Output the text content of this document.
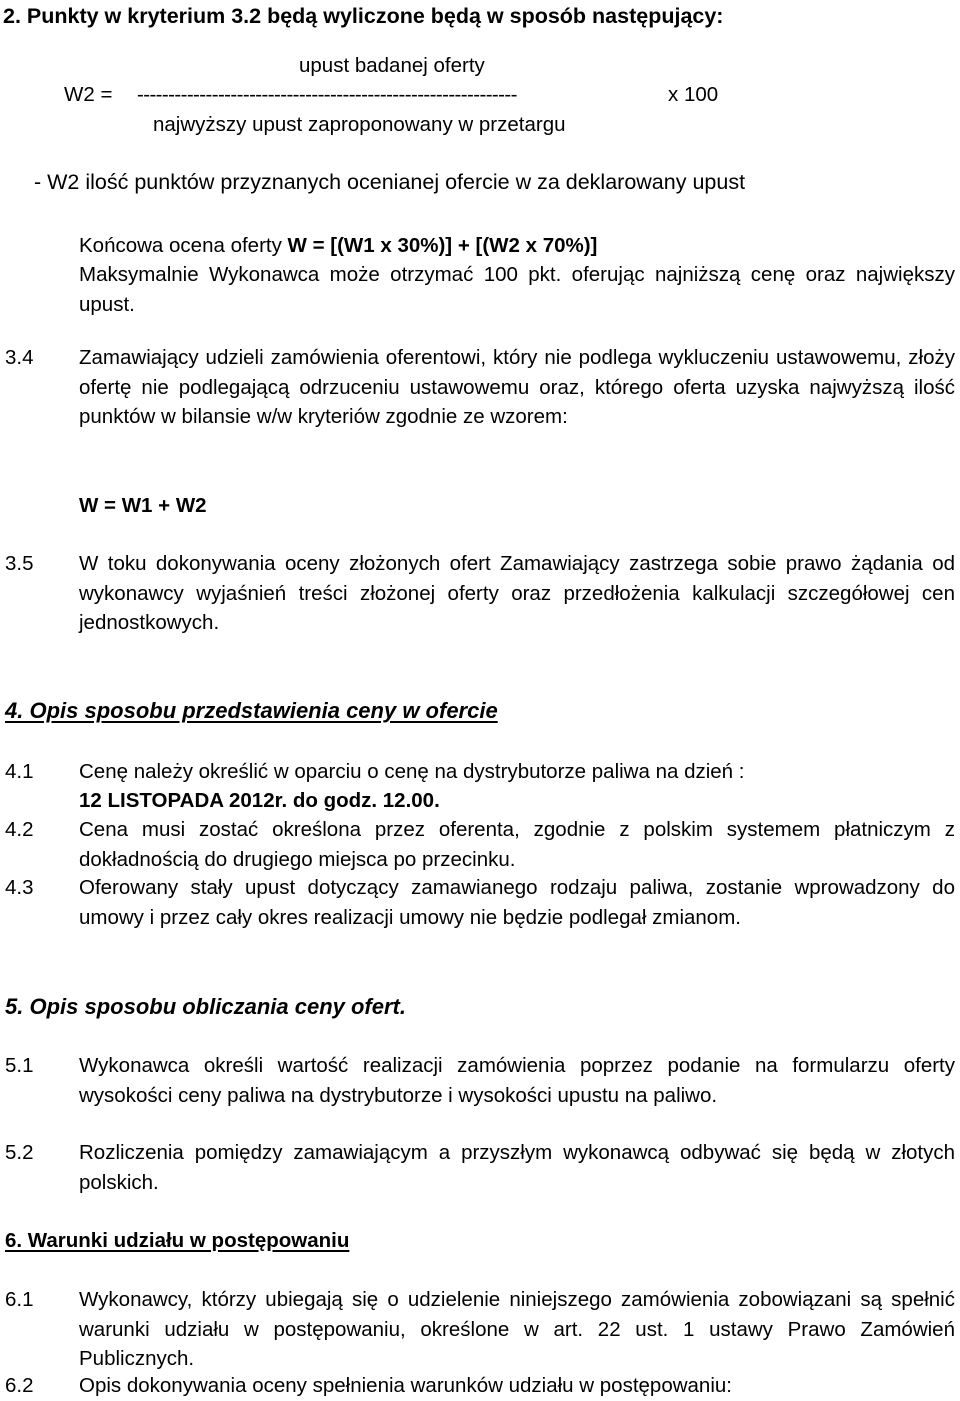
2. Punkty w kryterium 3.2 będą wyliczone będą w sposób następujący:
upust badanej oferty
W2 = -------------------------------------------------------------	x 100
najwyższy upust zaproponowany w przetargu
- W2 ilość punktów przyznanych ocenianej ofercie w za deklarowany upust
Końcowa ocena oferty W = [(W1 x 30%)] + [(W2 x 70%)]
Maksymalnie Wykonawca może otrzymać 100 pkt. oferując najniższą cenę oraz największy upust.
3.4 Zamawiający udzieli zamówienia oferentowi, który nie podlega wykluczeniu ustawowemu, złoży ofertę nie podlegającą odrzuceniu ustawowemu oraz, którego oferta uzyska najwyższą ilość punktów w bilansie w/w kryteriów zgodnie ze wzorem:
W = W1 + W2
3.5 W toku dokonywania oceny złożonych ofert Zamawiający zastrzega sobie prawo żądania od wykonawcy wyjaśnień treści złożonej oferty oraz przedłożenia kalkulacji szczegółowej cen jednostkowych.
4. Opis sposobu przedstawienia ceny w ofercie
4.1 Cenę należy określić w oparciu o cenę na dystrybutorze paliwa na dzień :
12 LISTOPADA 2012r. do godz. 12.00.
4.2 Cena musi zostać określona przez oferenta, zgodnie z polskim systemem płatniczym z dokładnością do drugiego miejsca po przecinku.
4.3 Oferowany stały upust dotyczący zamawianego rodzaju paliwa, zostanie wprowadzony do umowy i przez cały okres realizacji umowy nie będzie podlegał zmianom.
5. Opis sposobu obliczania ceny ofert.
5.1 Wykonawca określi wartość realizacji zamówienia poprzez podanie na formularzu oferty wysokości ceny paliwa na dystrybutorze i wysokości upustu na paliwo.
5.2 Rozliczenia pomiędzy zamawiającym a przyszłym wykonawcą odbywać się będą w złotych polskich.
6. Warunki udziału w postępowaniu
6.1 Wykonawcy, którzy ubiegają się o udzielenie niniejszego zamówienia zobowiązani są spełnić warunki udziału w postępowaniu, określone w art. 22 ust. 1 ustawy Prawo Zamówień Publicznych.
6.2 Opis dokonywania oceny spełnienia warunków udziału w postępowaniu:
